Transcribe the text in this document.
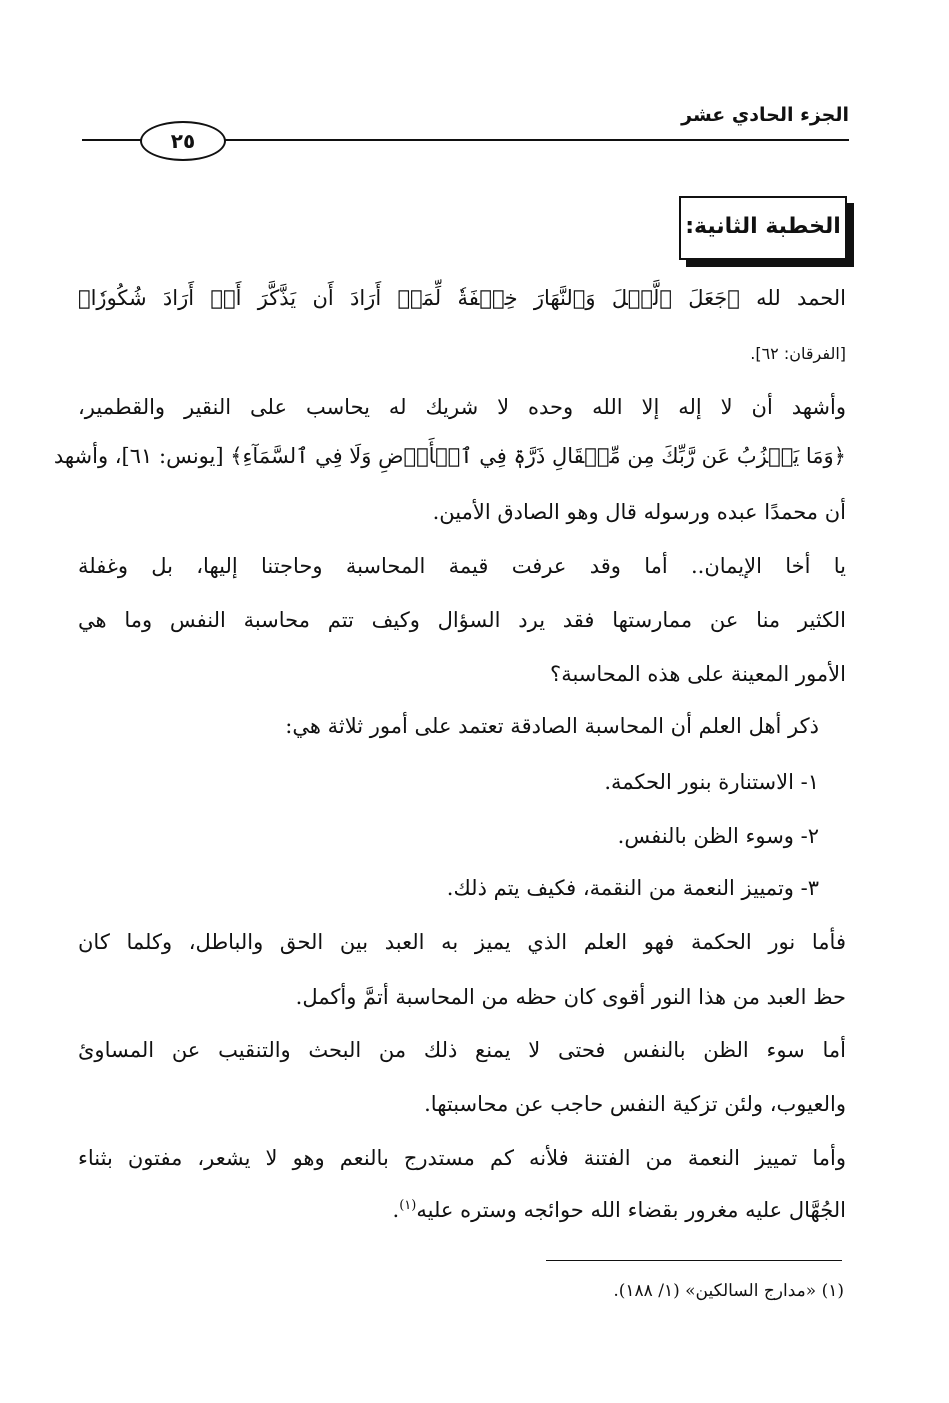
الجزء الحادي عشر
٢٥
الخطبة الثانية:
الحمد لله ﴿جَعَلَ ٱلَّيۡلَ وَٱلنَّهَارَ خِلۡفَةٗ لِّمَنۡ أَرَادَ أَن يَذَّكَّرَ أَوۡ أَرَادَ شُكُورٗا﴾
[الفرقان: ٦٢].
وأشهد أن لا إله إلا الله وحده لا شريك له يحاسب على النقير والقطمير،
﴿وَمَا يَعۡزُبُ عَن رَّبِّكَ مِن مِّثۡقَالِ ذَرَّةٖ فِي ٱلۡأَرۡضِ وَلَا فِي ٱلسَّمَآءِ﴾ [يونس: ٦١]، وأشهد
أن محمدًا عبده ورسوله قال وهو الصادق الأمين.
يا أخا الإيمان.. أما وقد عرفت قيمة المحاسبة وحاجتنا إليها، بل وغفلة
الكثير منا عن ممارستها فقد يرد السؤال وكيف تتم محاسبة النفس وما هي
الأمور المعينة على هذه المحاسبة؟
ذكر أهل العلم أن المحاسبة الصادقة تعتمد على أمور ثلاثة هي:
١- الاستنارة بنور الحكمة.
٢- وسوء الظن بالنفس.
٣- وتمييز النعمة من النقمة، فكيف يتم ذلك.
فأما نور الحكمة فهو العلم الذي يميز به العبد بين الحق والباطل، وكلما كان
حظ العبد من هذا النور أقوى كان حظه من المحاسبة أتمَّ وأكمل.
أما سوء الظن بالنفس فحتى لا يمنع ذلك من البحث والتنقيب عن المساوئ
والعيوب، ولئن تزكية النفس حاجب عن محاسبتها.
وأما تمييز النعمة من الفتنة فلأنه كم مستدرج بالنعم وهو لا يشعر، مفتون بثناء
الجُهَّال عليه مغرور بقضاء الله حوائجه وستره عليه$^{(١)}$.
(١) «مدارج السالكين» (١/ ١٨٨).
